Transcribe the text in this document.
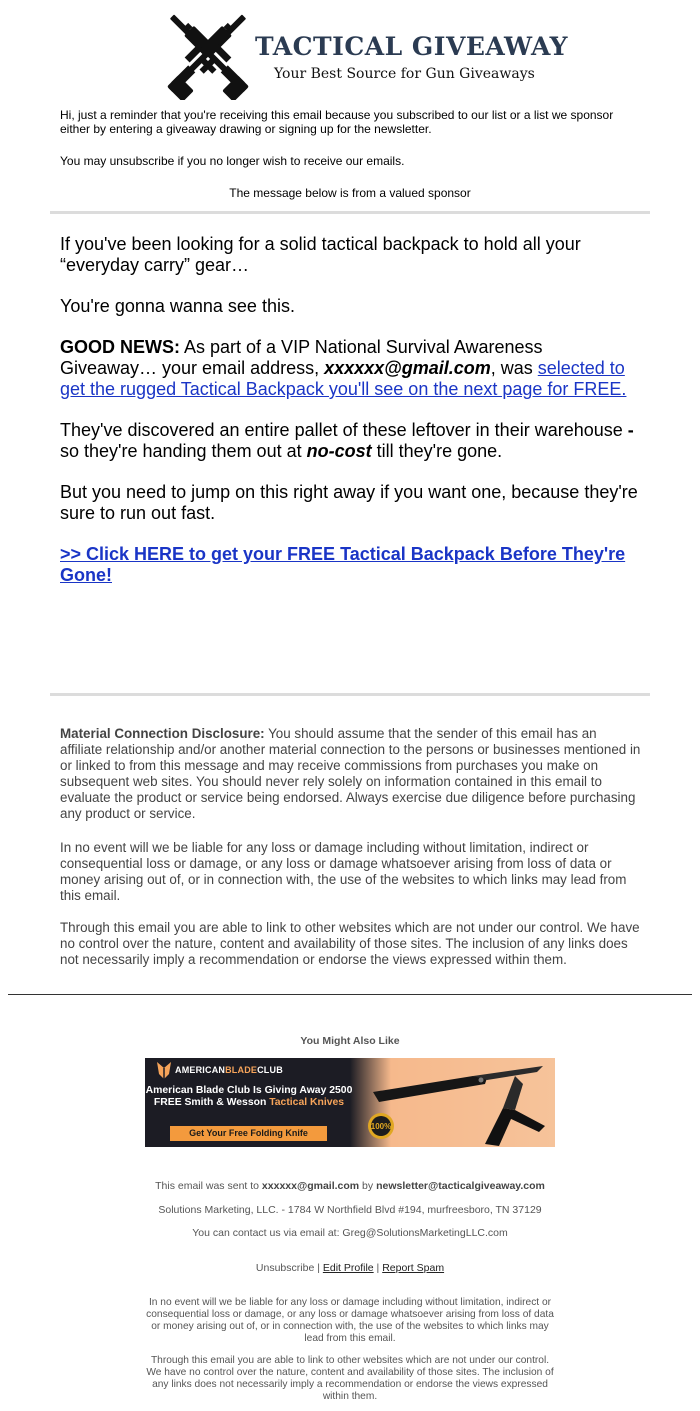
TACTICAL GIVEAWAY
Your Best Source for Gun Giveaways
Hi, just a reminder that you're receiving this email because you subscribed to our list or a list we sponsor either by entering a giveaway drawing or signing up for the newsletter.
You may unsubscribe if you no longer wish to receive our emails.
The message below is from a valued sponsor
If you've been looking for a solid tactical backpack to hold all your “everyday carry” gear…
You're gonna wanna see this.
GOOD NEWS: As part of a VIP National Survival Awareness Giveaway… your email address, xxxxxx@gmail.com, was selected to get the rugged Tactical Backpack you'll see on the next page for FREE.
They've discovered an entire pallet of these leftover in their warehouse - so they're handing them out at no-cost till they're gone.
But you need to jump on this right away if you want one, because they're sure to run out fast.
>> Click HERE to get your FREE Tactical Backpack Before They're Gone!
Material Connection Disclosure: You should assume that the sender of this email has an affiliate relationship and/or another material connection to the persons or businesses mentioned in or linked to from this message and may receive commissions from purchases you make on subsequent web sites. You should never rely solely on information contained in this email to evaluate the product or service being endorsed. Always exercise due diligence before purchasing any product or service.
In no event will we be liable for any loss or damage including without limitation, indirect or consequential loss or damage, or any loss or damage whatsoever arising from loss of data or money arising out of, or in connection with, the use of the websites to which links may lead from this email.
Through this email you are able to link to other websites which are not under our control. We have no control over the nature, content and availability of those sites. The inclusion of any links does not necessarily imply a recommendation or endorse the views expressed within them.
You Might Also Like
AMERICANBLADECLUB
American Blade Club Is Giving Away 2500 FREE Smith & Wesson Tactical Knives
Get Your Free Folding Knife
100%
This email was sent to xxxxxx@gmail.com by newsletter@tacticalgiveaway.com
Solutions Marketing, LLC. - 1784 W Northfield Blvd #194, murfreesboro, TN 37129
You can contact us via email at: Greg@SolutionsMarketingLLC.com
Unsubscribe | Edit Profile | Report Spam
In no event will we be liable for any loss or damage including without limitation, indirect or consequential loss or damage, or any loss or damage whatsoever arising from loss of data or money arising out of, or in connection with, the use of the websites to which links may lead from this email.
Through this email you are able to link to other websites which are not under our control. We have no control over the nature, content and availability of those sites. The inclusion of any links does not necessarily imply a recommendation or endorse the views expressed within them.
